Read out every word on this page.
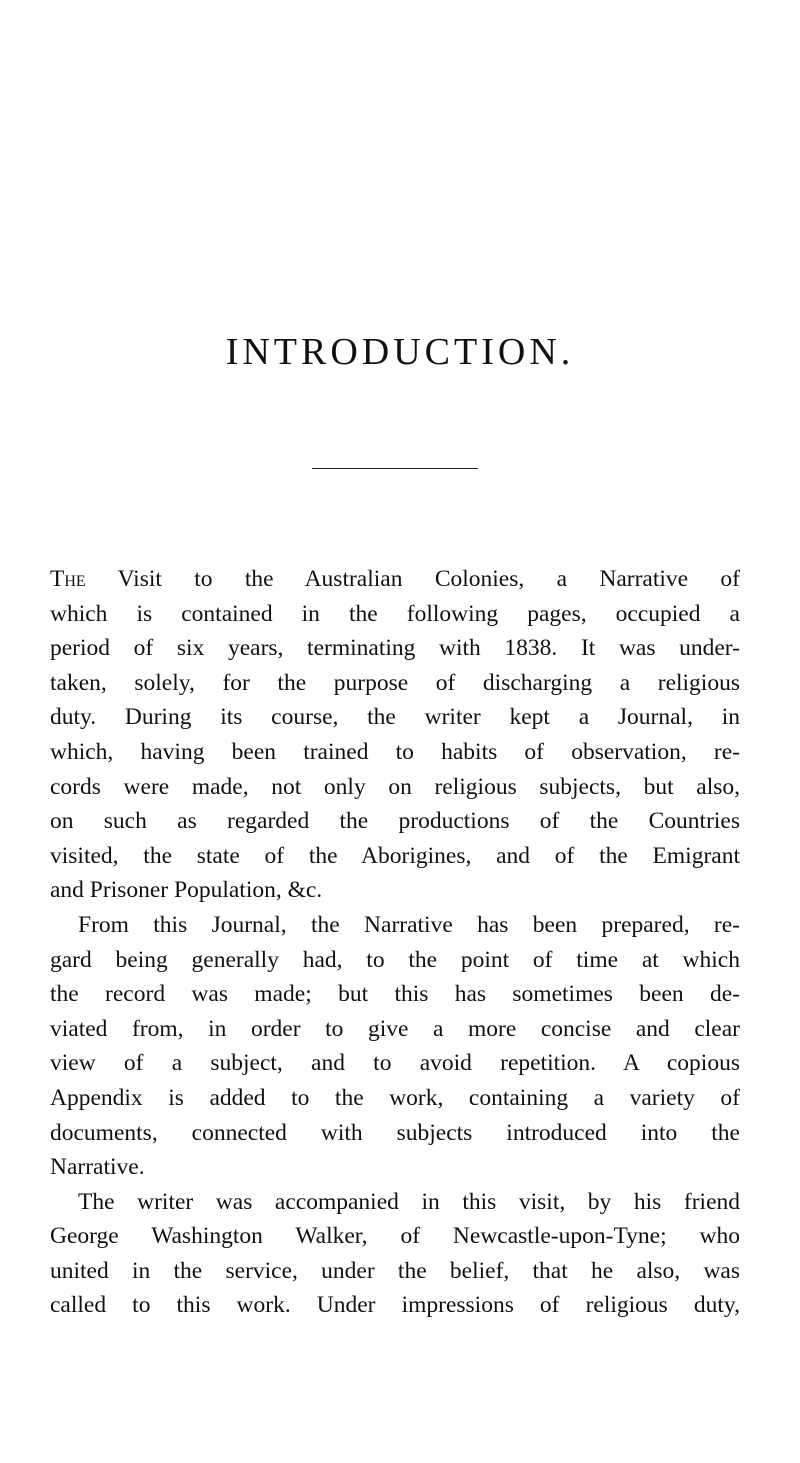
INTRODUCTION.
The Visit to the Australian Colonies, a Narrative of
which is contained in the following pages, occupied a
period of six years, terminating with 1838. It was under-
taken, solely, for the purpose of discharging a religious
duty. During its course, the writer kept a Journal, in
which, having been trained to habits of observation, re-
cords were made, not only on religious subjects, but also,
on such as regarded the productions of the Countries
visited, the state of the Aborigines, and of the Emigrant
and Prisoner Population, &c.
From this Journal, the Narrative has been prepared, re-
gard being generally had, to the point of time at which
the record was made; but this has sometimes been de-
viated from, in order to give a more concise and clear
view of a subject, and to avoid repetition. A copious
Appendix is added to the work, containing a variety of
documents, connected with subjects introduced into the
Narrative.
The writer was accompanied in this visit, by his friend
George Washington Walker, of Newcastle-upon-Tyne; who
united in the service, under the belief, that he also, was
called to this work. Under impressions of religious duty,
